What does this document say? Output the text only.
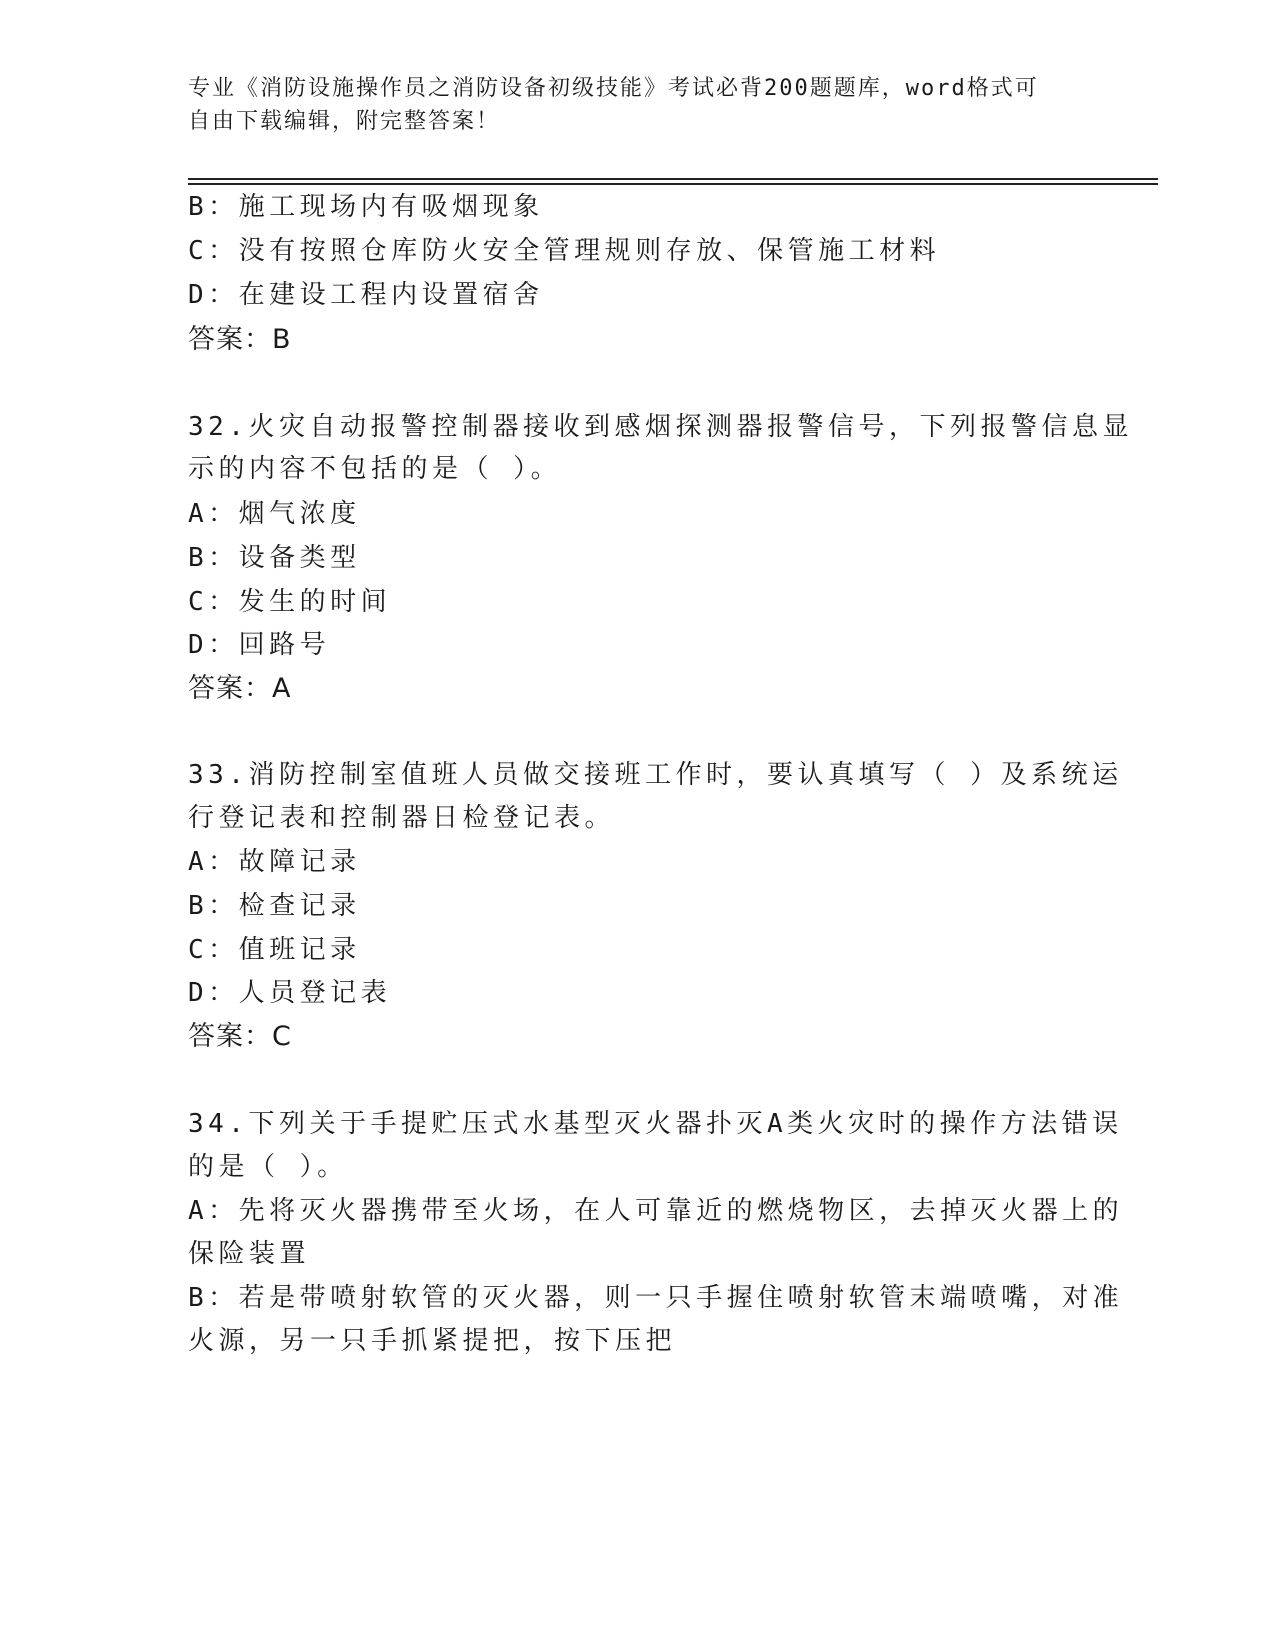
专业《消防设施操作员之消防设备初级技能》考试必背200题题库，word格式可
自由下载编辑，附完整答案！
B：施工现场内有吸烟现象
C：没有按照仓库防火安全管理规则存放、保管施工材料
D：在建设工程内设置宿舍
答案：B
32.火灾自动报警控制器接收到感烟探测器报警信号，下列报警信息显
示的内容不包括的是（ ）。
A：烟气浓度
B：设备类型
C：发生的时间
D：回路号
答案：A
33.消防控制室值班人员做交接班工作时，要认真填写（ ）及系统运
行登记表和控制器日检登记表。
A：故障记录
B：检查记录
C：值班记录
D：人员登记表
答案：C
34.下列关于手提贮压式水基型灭火器扑灭A类火灾时的操作方法错误
的是（ ）。
A：先将灭火器携带至火场，在人可靠近的燃烧物区，去掉灭火器上的
保险装置
B：若是带喷射软管的灭火器，则一只手握住喷射软管末端喷嘴，对准
火源，另一只手抓紧提把，按下压把
